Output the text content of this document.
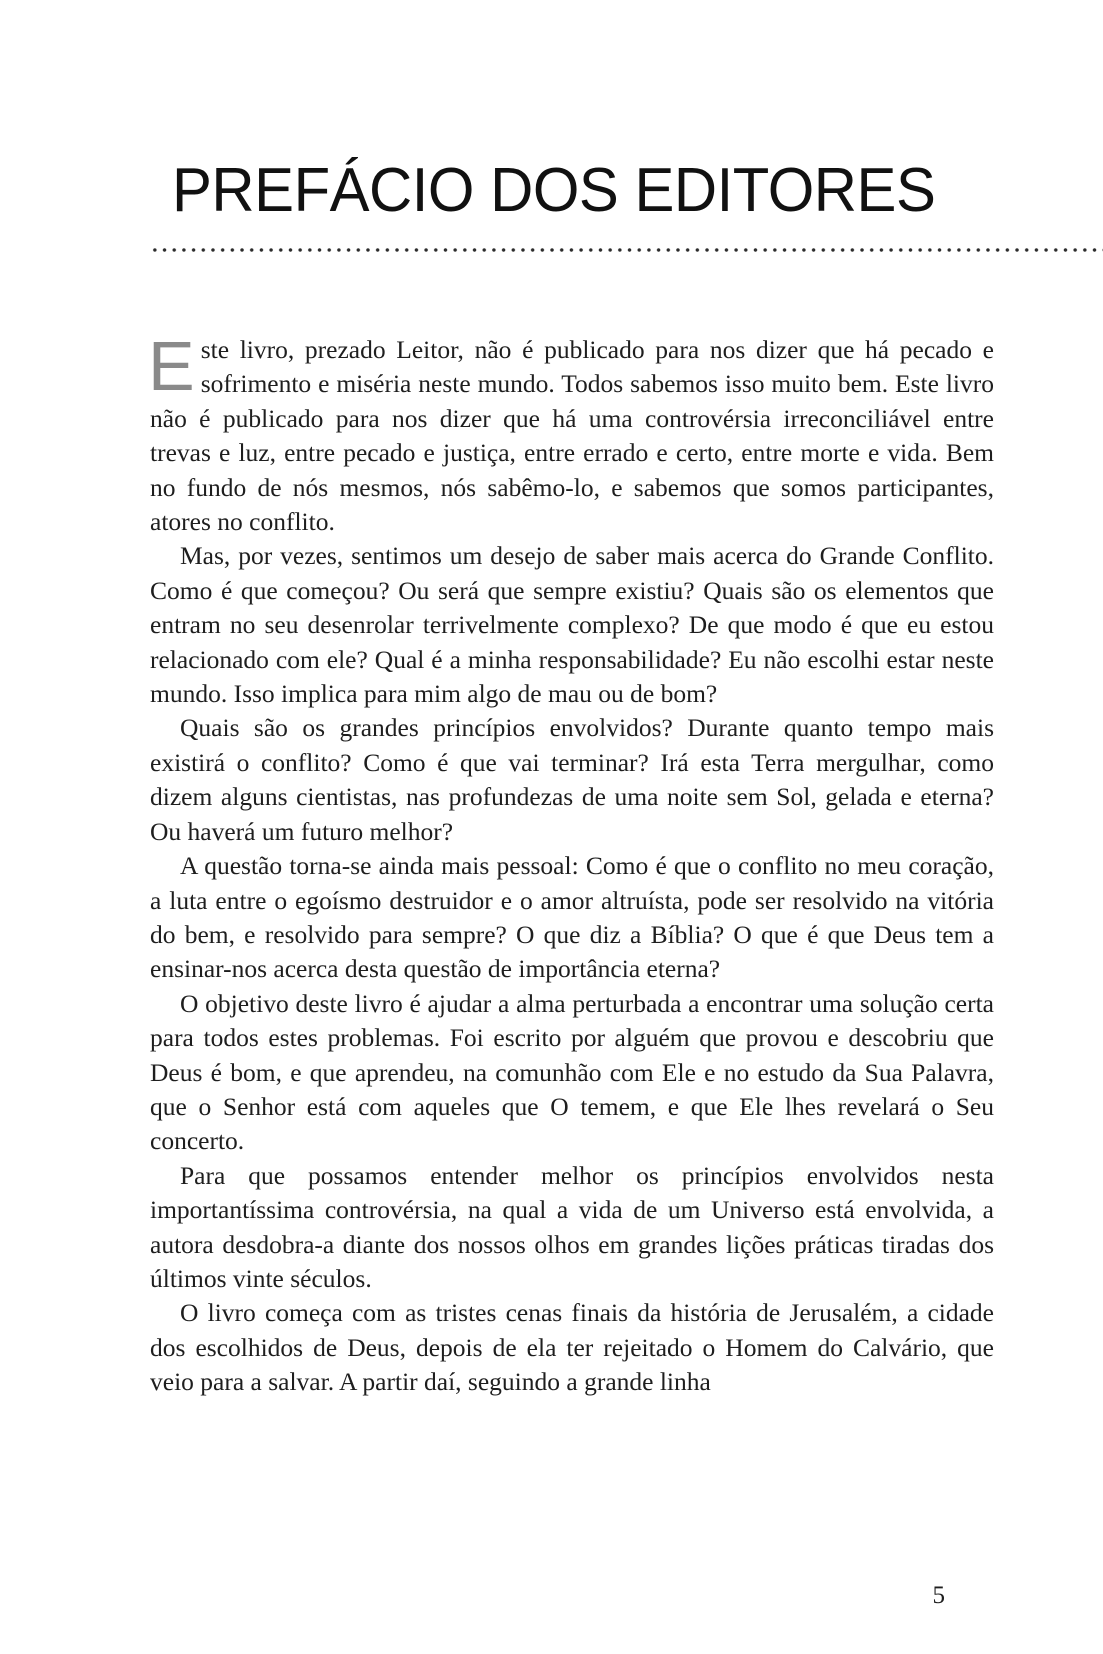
PREFÁCIO DOS EDITORES

Este livro, prezado Leitor, não é publicado para nos dizer que há pecado e sofrimento e miséria neste mundo. Todos sabemos isso muito bem. Este livro não é publicado para nos dizer que há uma controvérsia irreconciliável entre trevas e luz, entre pecado e justiça, entre errado e certo, entre morte e vida. Bem no fundo de nós mesmos, nós sabêmo-lo, e sabemos que somos participantes, atores no conflito.

Mas, por vezes, sentimos um desejo de saber mais acerca do Grande Conflito. Como é que começou? Ou será que sempre existiu? Quais são os elementos que entram no seu desenrolar terrivelmente complexo? De que modo é que eu estou relacionado com ele? Qual é a minha responsabilidade? Eu não escolhi estar neste mundo. Isso implica para mim algo de mau ou de bom?

Quais são os grandes princípios envolvidos? Durante quanto tempo mais existirá o conflito? Como é que vai terminar? Irá esta Terra mergulhar, como dizem alguns cientistas, nas profundezas de uma noite sem Sol, gelada e eterna? Ou haverá um futuro melhor?

A questão torna-se ainda mais pessoal: Como é que o conflito no meu coração, a luta entre o egoísmo destruidor e o amor altruísta, pode ser resolvido na vitória do bem, e resolvido para sempre? O que diz a Bíblia? O que é que Deus tem a ensinar-nos acerca desta questão de importância eterna?

O objetivo deste livro é ajudar a alma perturbada a encontrar uma solução certa para todos estes problemas. Foi escrito por alguém que provou e descobriu que Deus é bom, e que aprendeu, na comunhão com Ele e no estudo da Sua Palavra, que o Senhor está com aqueles que O temem, e que Ele lhes revelará o Seu concerto.

Para que possamos entender melhor os princípios envolvidos nesta importantíssima controvérsia, na qual a vida de um Universo está envolvida, a autora desdobra-a diante dos nossos olhos em grandes lições práticas tiradas dos últimos vinte séculos.

O livro começa com as tristes cenas finais da história de Jerusalém, a cidade dos escolhidos de Deus, depois de ela ter rejeitado o Homem do Calvário, que veio para a salvar. A partir daí, seguindo a grande linha

5
